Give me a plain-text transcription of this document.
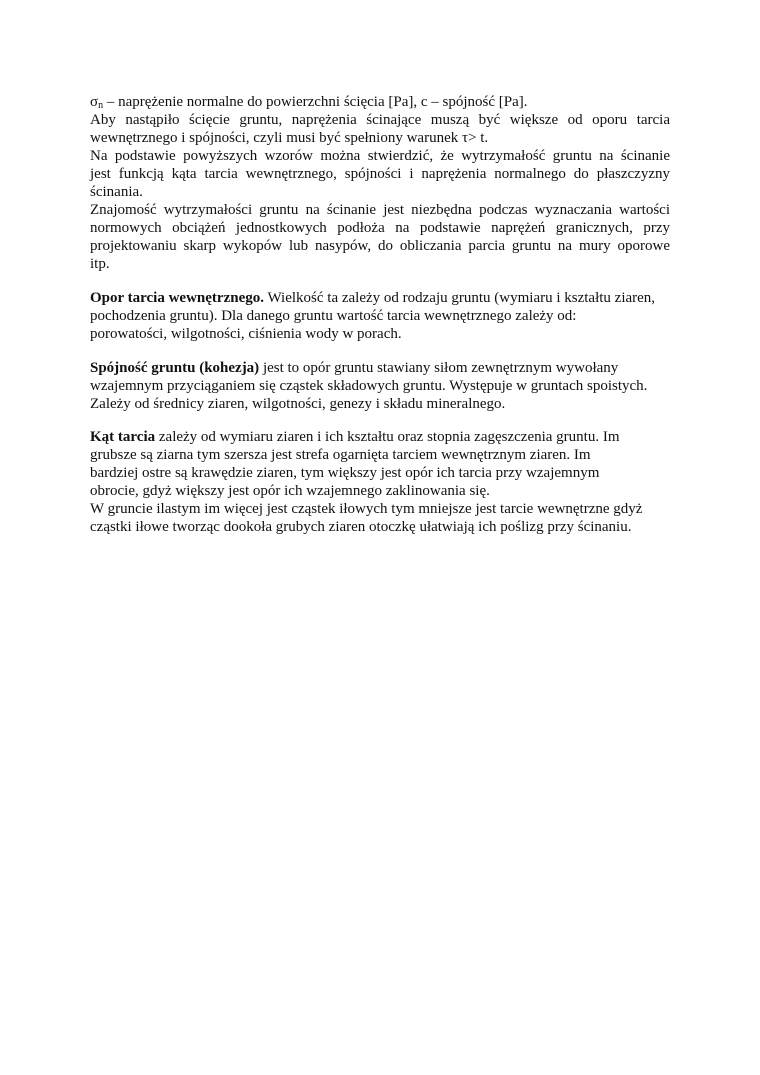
$\sigma_n$ – naprężenie normalne do powierzchni ścięcia [Pa], c – spójność [Pa].
Aby nastąpiło ścięcie gruntu, naprężenia ścinające muszą być większe od oporu tarcia
wewnętrznego i spójności, czyli musi być spełniony warunek τ> t.
Na podstawie powyższych wzorów można stwierdzić, że wytrzymałość gruntu na ścinanie
jest funkcją kąta tarcia wewnętrznego, spójności i naprężenia normalnego do płaszczyzny
ścinania.
Znajomość wytrzymałości gruntu na ścinanie jest niezbędna podczas wyznaczania wartości
normowych obciążeń jednostkowych podłoża na podstawie naprężeń granicznych, przy
projektowaniu skarp wykopów lub nasypów, do obliczania parcia gruntu na mury oporowe
itp.
Opor tarcia wewnętrznego. Wielkość ta zależy od rodzaju gruntu (wymiaru i kształtu ziaren,
pochodzenia gruntu). Dla danego gruntu wartość tarcia wewnętrznego zależy od:
porowatości, wilgotności, ciśnienia wody w porach.
Spójność gruntu (kohezja) jest to opór gruntu stawiany siłom zewnętrznym wywołany
wzajemnym przyciąganiem się cząstek składowych gruntu. Występuje w gruntach spoistych.
Zależy od średnicy ziaren, wilgotności, genezy i składu mineralnego.
Kąt tarcia zależy od wymiaru ziaren i ich kształtu oraz stopnia zagęszczenia gruntu. Im
grubsze są ziarna tym szersza jest strefa ogarnięta tarciem wewnętrznym ziaren. Im
bardziej ostre są krawędzie ziaren, tym większy jest opór ich tarcia przy wzajemnym
obrocie, gdyż większy jest opór ich wzajemnego zaklinowania się.
W gruncie ilastym im więcej jest cząstek iłowych tym mniejsze jest tarcie wewnętrzne gdyż
cząstki iłowe tworząc dookoła grubych ziaren otoczkę ułatwiają ich poślizg przy ścinaniu.
